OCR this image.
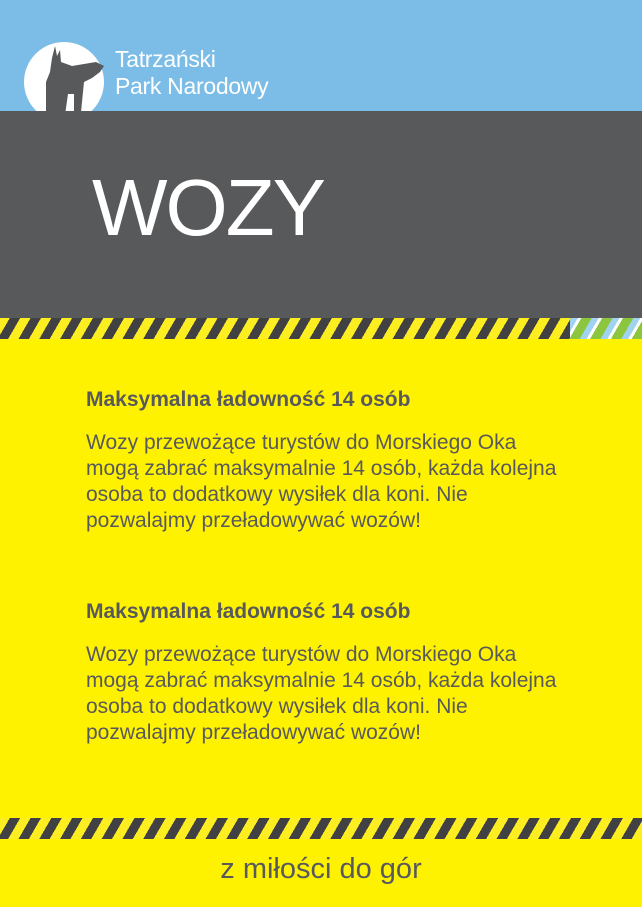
Tatrzański
Park Narodowy
WOZY
Maksymalna ładowność 14 osób

Wozy przewożące turystów do Morskiego Oka mogą zabrać maksymalnie 14 osób, każda kolejna osoba to dodatkowy wysiłek dla koni. Nie pozwalajmy przeładowywać wozów!

Maksymalna ładowność 14 osób

Wozy przewożące turystów do Morskiego Oka mogą zabrać maksymalnie 14 osób, każda kolejna osoba to dodatkowy wysiłek dla koni. Nie pozwalajmy przeładowywać wozów!

z miłości do gór
